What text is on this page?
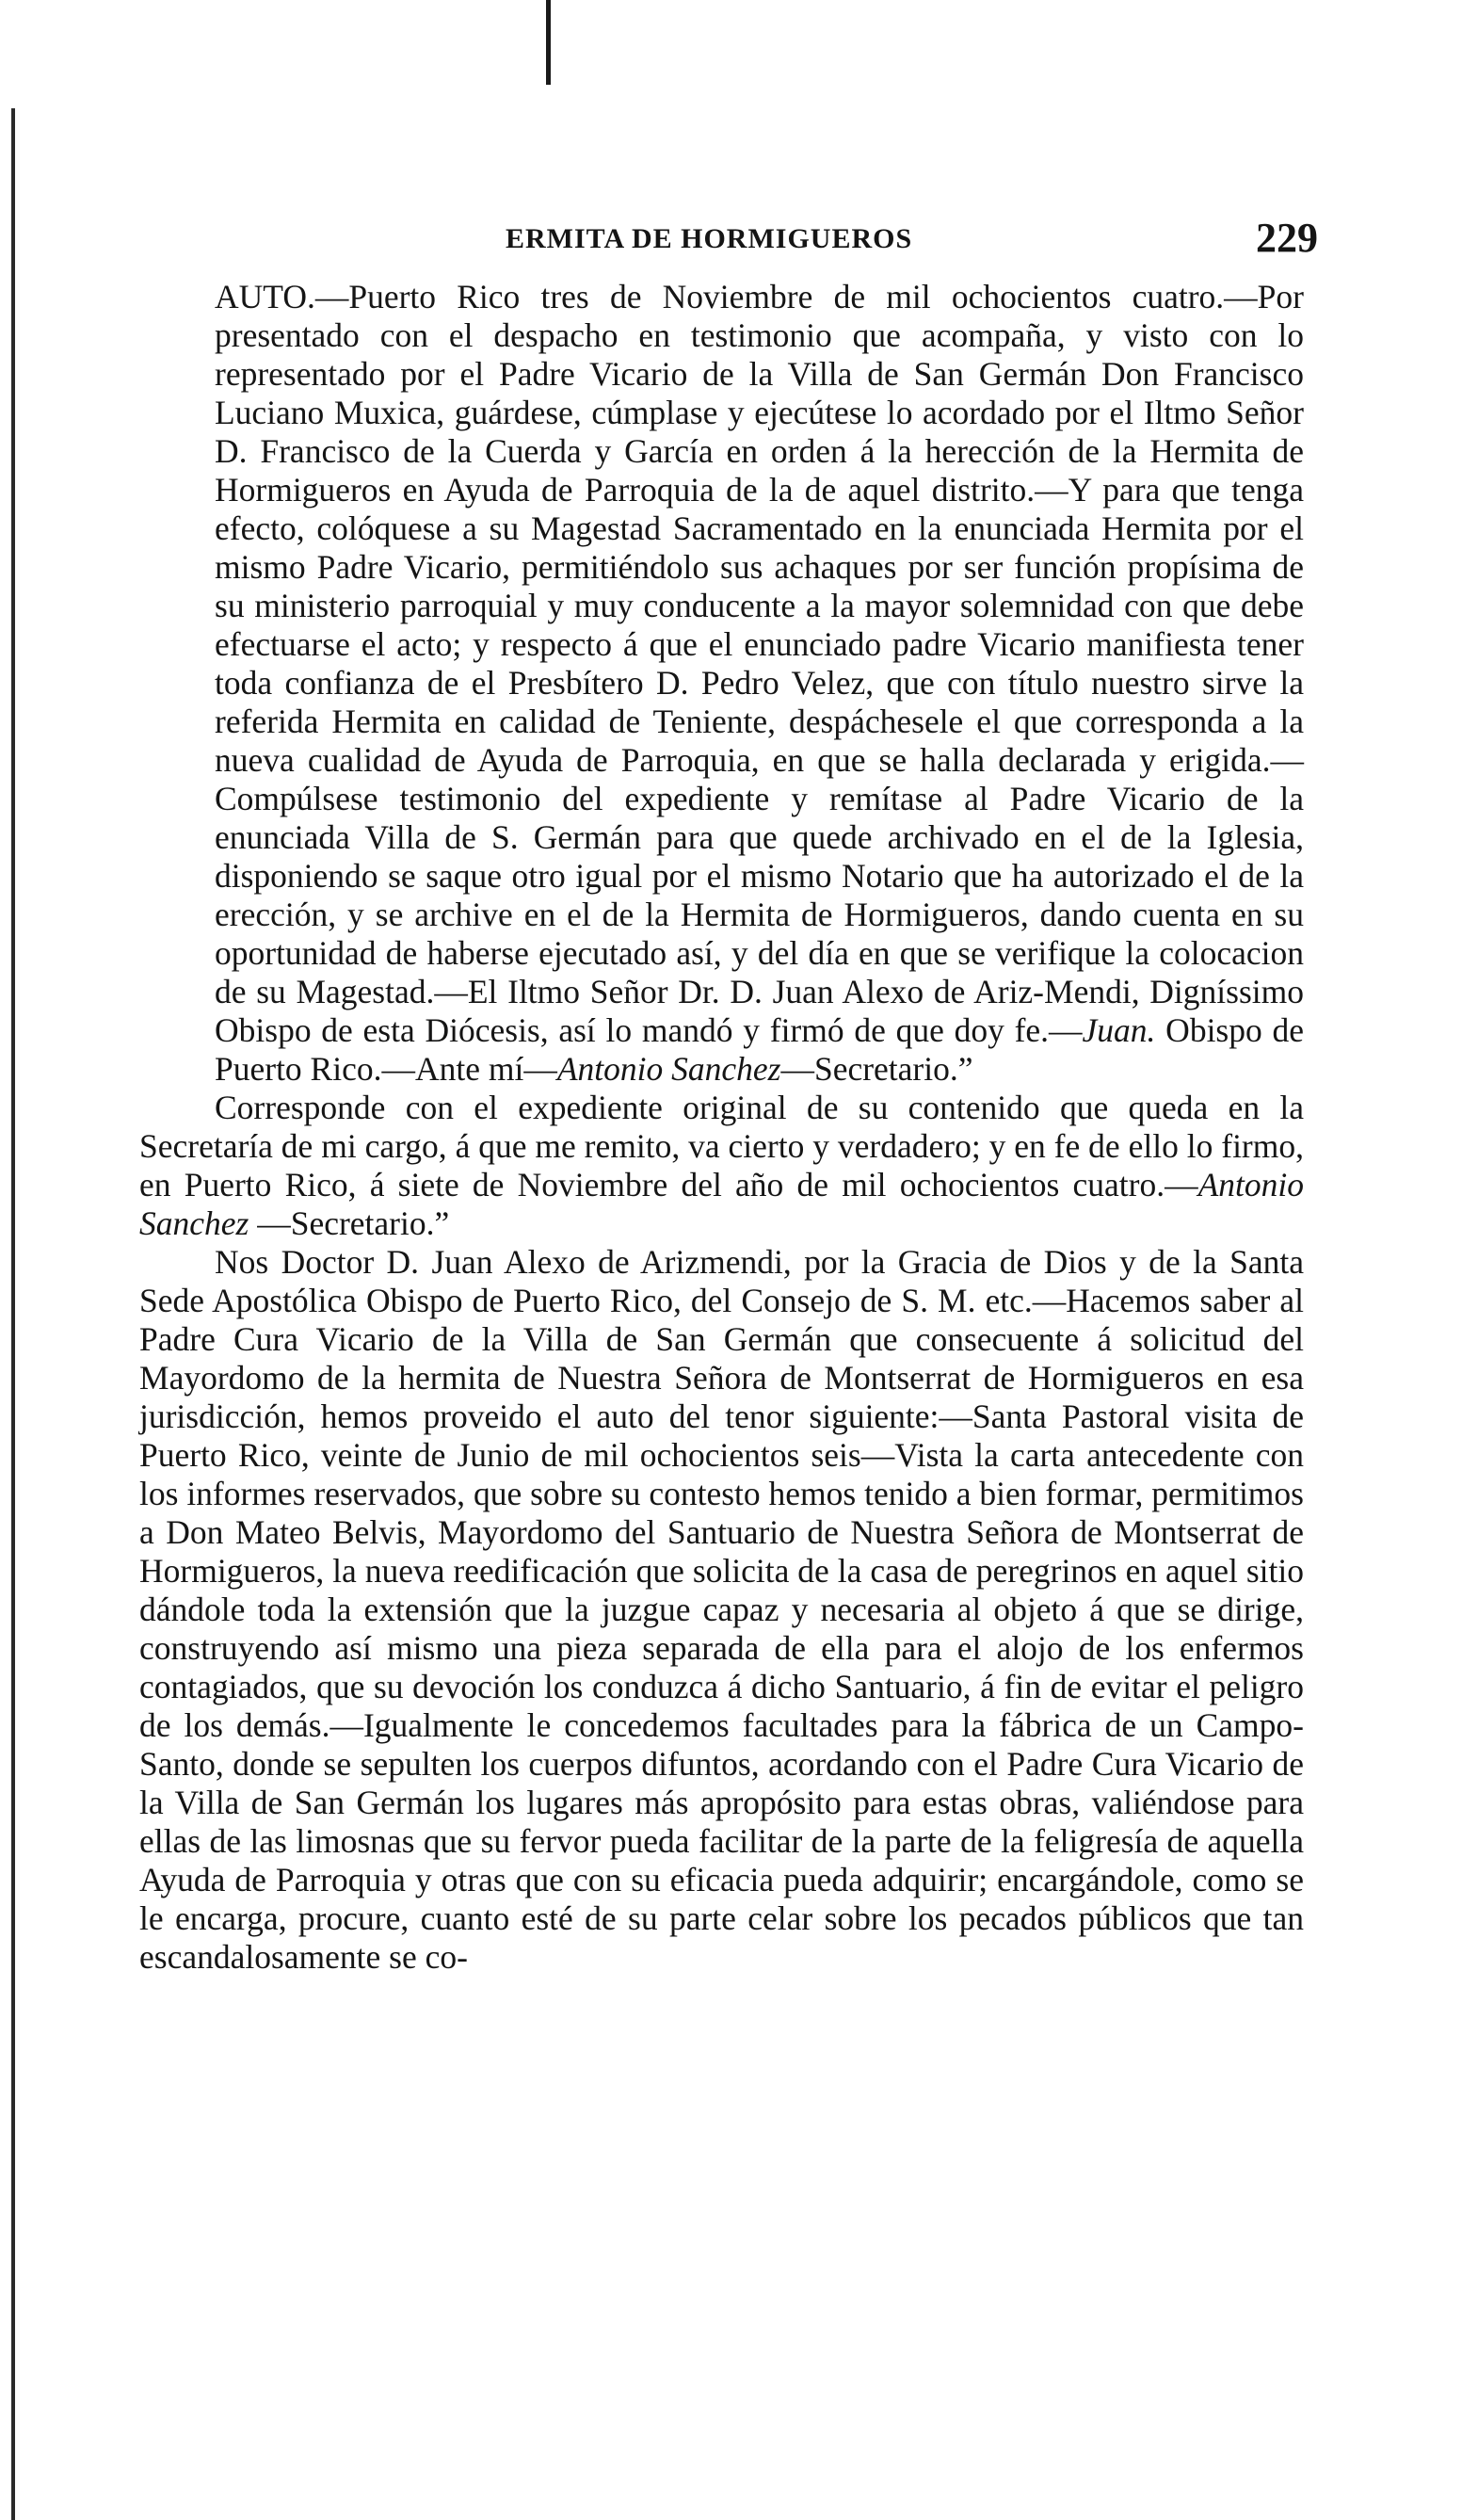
ERMITA DE HORMIGUEROS	229

AUTO.—Puerto Rico tres de Noviembre de mil ochocientos cuatro.—Por presentado con el despacho en testimonio que acompaña, y visto con lo representado por el Padre Vicario de la Villa de San Germán Don Francisco Luciano Muxica, guárdese, cúmplase y ejecútese lo acordado por el Iltmo Señor D. Francisco de la Cuerda y García en orden á la herección de la Hermita de Hormigueros en Ayuda de Parroquia de la de aquel distrito.—Y para que tenga efecto, colóquese a su Magestad Sacramentado en la enunciada Hermita por el mismo Padre Vicario, permitiéndolo sus achaques por ser función propísima de su ministerio parroquial y muy conducente a la mayor solemnidad con que debe efectuarse el acto; y respecto á que el enunciado padre Vicario manifiesta tener toda confianza de el Presbítero D. Pedro Velez, que con título nuestro sirve la referida Hermita en calidad de Teniente, despáchesele el que corresponda a la nueva cualidad de Ayuda de Parroquia, en que se halla declarada y erigida.—Compúlsese testimonio del expediente y remítase al Padre Vicario de la enunciada Villa de S. Germán para que quede archivado en el de la Iglesia, disponiendo se saque otro igual por el mismo Notario que ha autorizado el de la erección, y se archive en el de la Hermita de Hormigueros, dando cuenta en su oportunidad de haberse ejecutado así, y del día en que se verifique la colocacion de su Magestad.—El Iltmo Señor Dr. D. Juan Alexo de Ariz-Mendi, Digníssimo Obispo de esta Diócesis, así lo mandó y firmó de que doy fe.—Juan. Obispo de Puerto Rico.—Ante mí—Antonio Sanchez—Secretario.”

Corresponde con el expediente original de su contenido que queda en la Secretaría de mi cargo, á que me remito, va cierto y verdadero; y en fe de ello lo firmo, en Puerto Rico, á siete de Noviembre del año de mil ochocientos cuatro.—Antonio Sanchez —Secretario.”

Nos Doctor D. Juan Alexo de Arizmendi, por la Gracia de Dios y de la Santa Sede Apostólica Obispo de Puerto Rico, del Consejo de S. M. etc.—Hacemos saber al Padre Cura Vicario de la Villa de San Germán que consecuente á solicitud del Mayordomo de la hermita de Nuestra Señora de Montserrat de Hormigueros en esa jurisdicción, hemos proveido el auto del tenor siguiente:—Santa Pastoral visita de Puerto Rico, veinte de Junio de mil ochocientos seis—Vista la carta antecedente con los informes reservados, que sobre su contesto hemos tenido a bien formar, permitimos a Don Mateo Belvis, Mayordomo del Santuario de Nuestra Señora de Montserrat de Hormigueros, la nueva reedificación que solicita de la casa de peregrinos en aquel sitio dándole toda la extensión que la juzgue capaz y necesaria al objeto á que se dirige, construyendo así mismo una pieza separada de ella para el alojo de los enfermos contagiados, que su devoción los conduzca á dicho Santuario, á fin de evitar el peligro de los demás.—Igualmente le concedemos facultades para la fábrica de un Campo-Santo, donde se sepulten los cuerpos difuntos, acordando con el Padre Cura Vicario de la Villa de San Germán los lugares más apropósito para estas obras, valiéndose para ellas de las limosnas que su fervor pueda facilitar de la parte de la feligresía de aquella Ayuda de Parroquia y otras que con su eficacia pueda adquirir; encargándole, como se le encarga, procure, cuanto esté de su parte celar sobre los pecados públicos que tan escandalosamente se co-
